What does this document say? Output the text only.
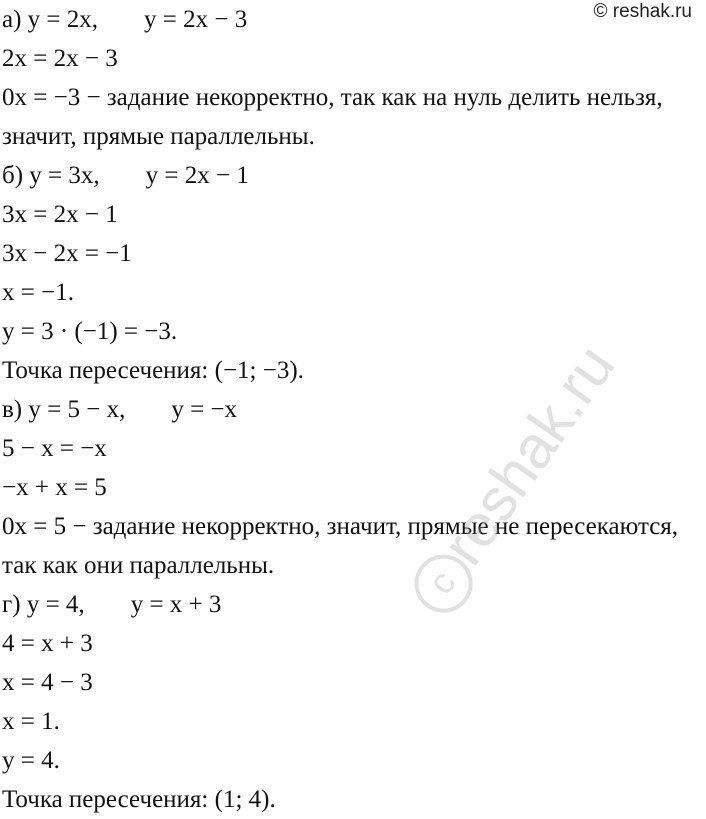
© reshak.ru
а) y = 2x, y = 2x − 3
2x = 2x − 3
0x = −3 − задание некорректно, так как на нуль делить нельзя,
значит, прямые параллельны.
б) y = 3x, y = 2x − 1
3x = 2x − 1
3x − 2x = −1
x = −1.
y = 3 · (−1) = −3.
Точка пересечения: (−1; −3).
в) y = 5 − x, y = −x
5 − x = −x
−x + x = 5
0x = 5 − задание некорректно, значит, прямые не пересекаются,
так как они параллельны.
г) y = 4, y = x + 3
4 = x + 3
x = 4 − 3
x = 1.
y = 4.
Точка пересечения: (1; 4).
creshak.ru
